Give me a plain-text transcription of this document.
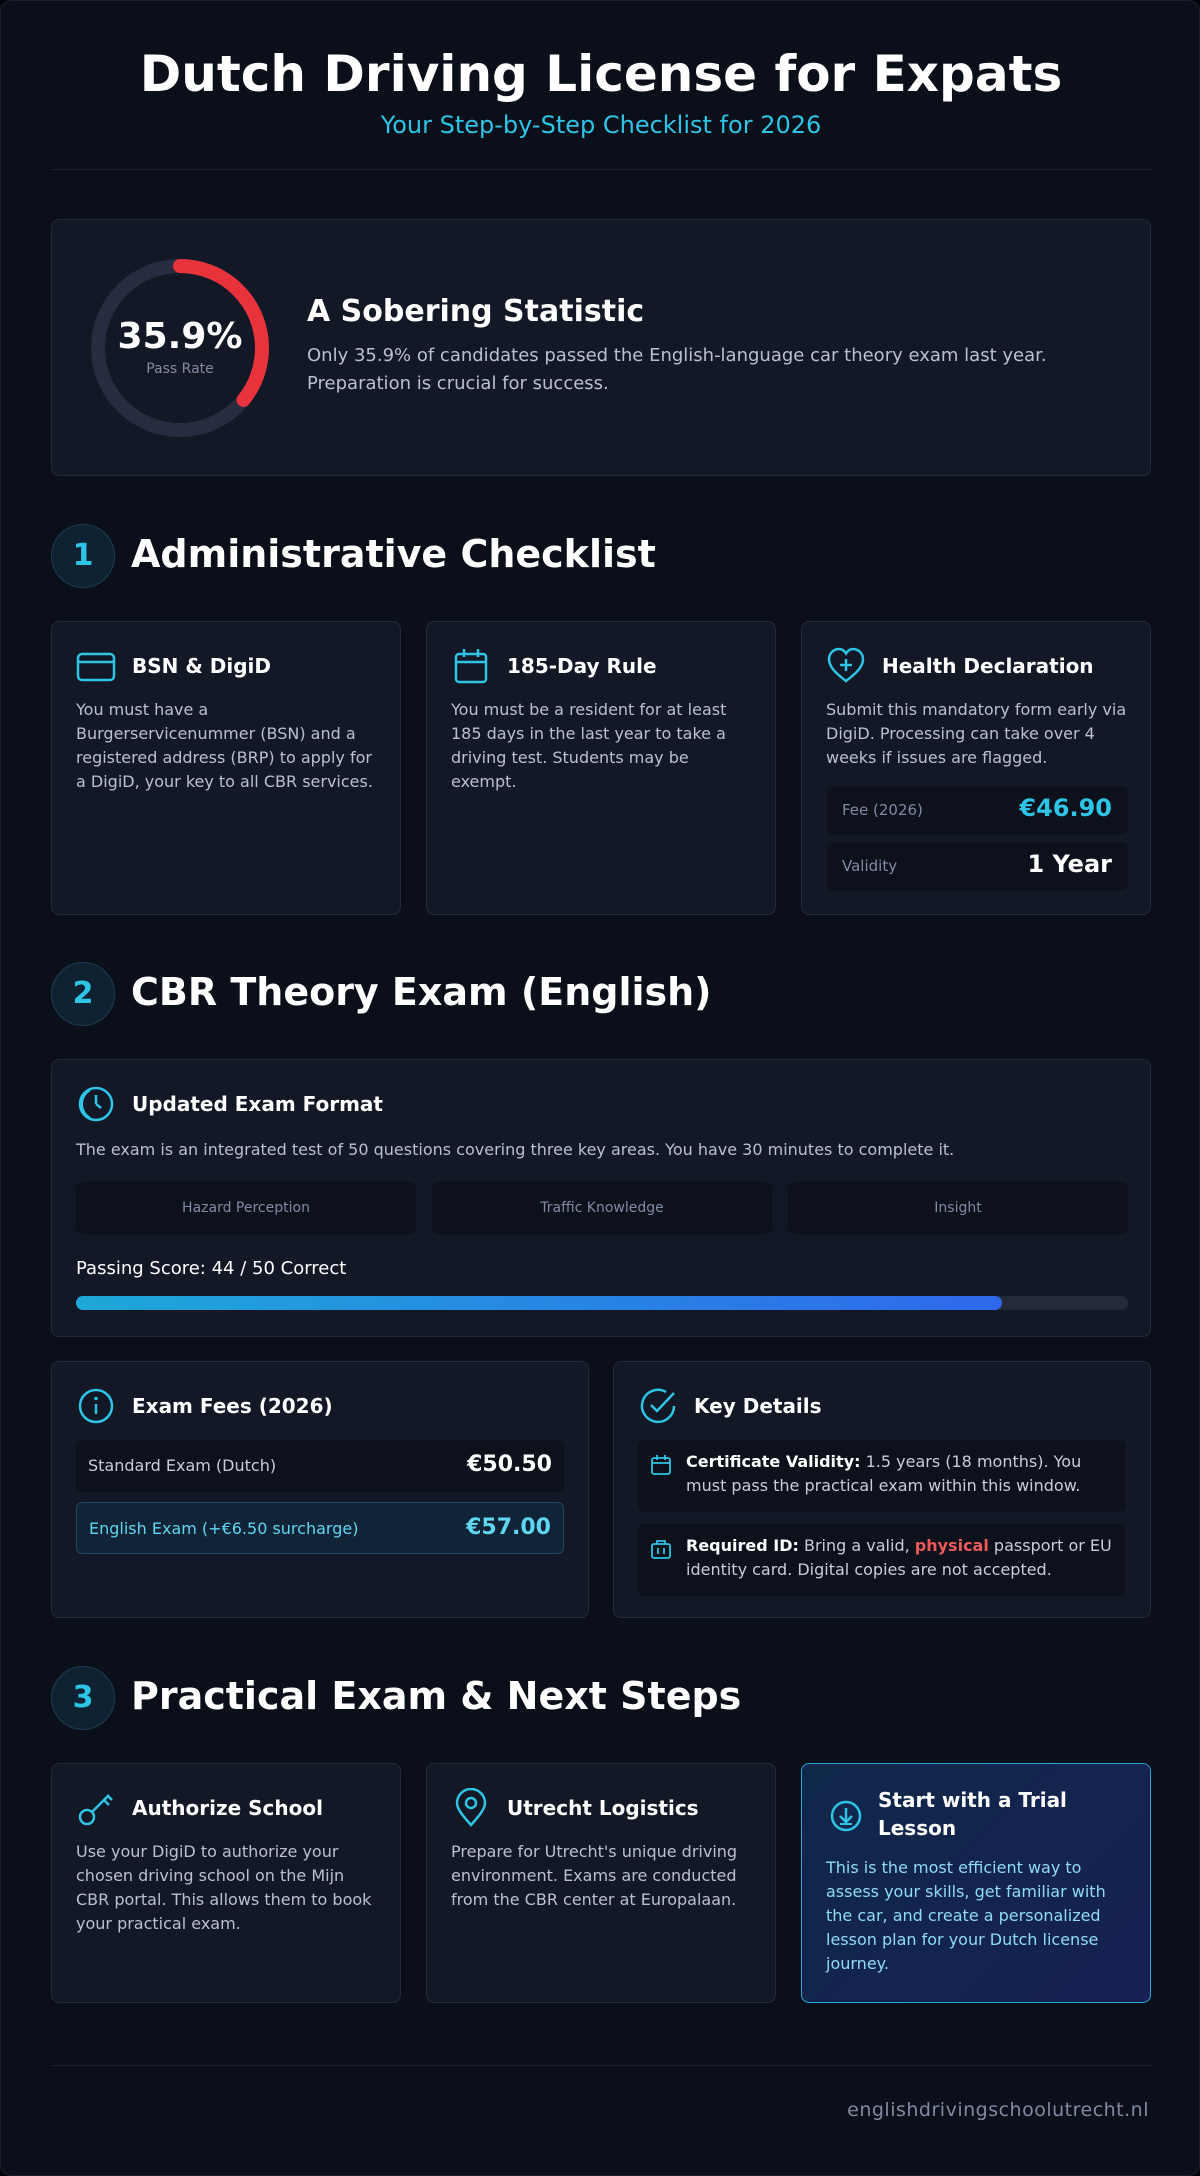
Dutch Driving License for Expats
Your Step-by-Step Checklist for 2026
35.9%
Pass Rate
A Sobering Statistic
Only 35.9% of candidates passed the English-language car theory exam last year.
Preparation is crucial for success.
1 Administrative Checklist
BSN & DigiD
You must have a
Burgerservicenummer (BSN) and a
registered address (BRP) to apply for
a DigiD, your key to all CBR services.
185-Day Rule
You must be a resident for at least
185 days in the last year to take a
driving test. Students may be
exempt.
Health Declaration
Submit this mandatory form early via
DigiD. Processing can take over 4
weeks if issues are flagged.
Fee (2026)	€46.90
Validity	1 Year
2 CBR Theory Exam (English)
Updated Exam Format
The exam is an integrated test of 50 questions covering three key areas. You have 30 minutes to complete it.
Hazard Perception	Traffic Knowledge	Insight
Passing Score: 44 / 50 Correct
Exam Fees (2026)
Standard Exam (Dutch)	€50.50
English Exam (+€6.50 surcharge)	€57.00
Key Details
Certificate Validity: 1.5 years (18 months). You
must pass the practical exam within this window.
Required ID: Bring a valid, physical passport or EU
identity card. Digital copies are not accepted.
3 Practical Exam & Next Steps
Authorize School
Use your DigiD to authorize your
chosen driving school on the Mijn
CBR portal. This allows them to book
your practical exam.
Utrecht Logistics
Prepare for Utrecht's unique driving
environment. Exams are conducted
from the CBR center at Europalaan.
Start with a Trial
Lesson
This is the most efficient way to
assess your skills, get familiar with
the car, and create a personalized
lesson plan for your Dutch license
journey.
englishdrivingschoolutrecht.nl
